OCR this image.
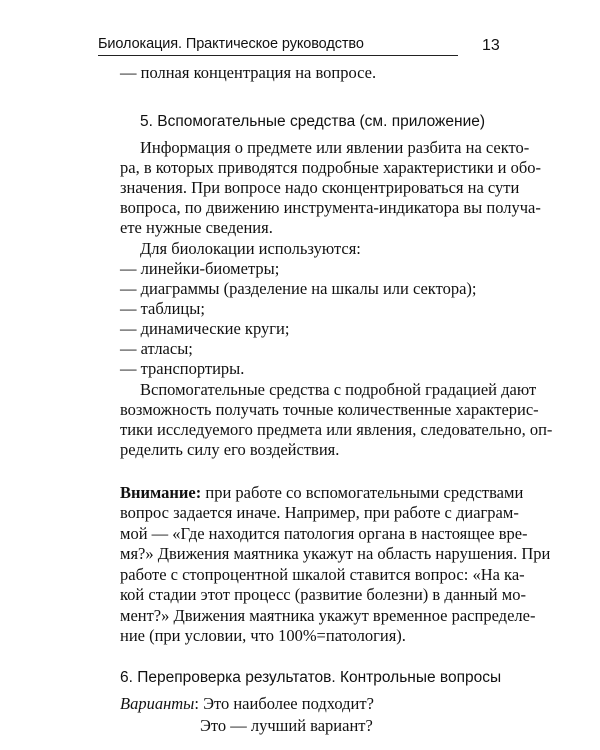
Биолокация. Практическое руководство	13
— полная концентрация на вопросе.
5. Вспомогательные средства (см. приложение)
Информация о предмете или явлении разбита на секто-
ра, в которых приводятся подробные характеристики и обо-
значения. При вопросе надо сконцентрироваться на сути
вопроса, по движению инструмента-индикатора вы получа-
ете нужные сведения.
Для биолокации используются:
— линейки-биометры;
— диаграммы (разделение на шкалы или сектора);
— таблицы;
— динамические круги;
— атласы;
— транспортиры.
Вспомогательные средства с подробной градацией дают
возможность получать точные количественные характерис-
тики исследуемого предмета или явления, следовательно, оп-
ределить силу его воздействия.
Внимание: при работе со вспомогательными средствами
вопрос задается иначе. Например, при работе с диаграм-
мой — «Где находится патология органа в настоящее вре-
мя?» Движения маятника укажут на область нарушения. При
работе с стопроцентной шкалой ставится вопрос: «На ка-
кой стадии этот процесс (развитие болезни) в данный мо-
мент?» Движения маятника укажут временное распределе-
ние (при условии, что 100%=патология).
6. Перепроверка результатов. Контрольные вопросы
Варианты: Это наиболее подходит?
Это — лучший вариант?
